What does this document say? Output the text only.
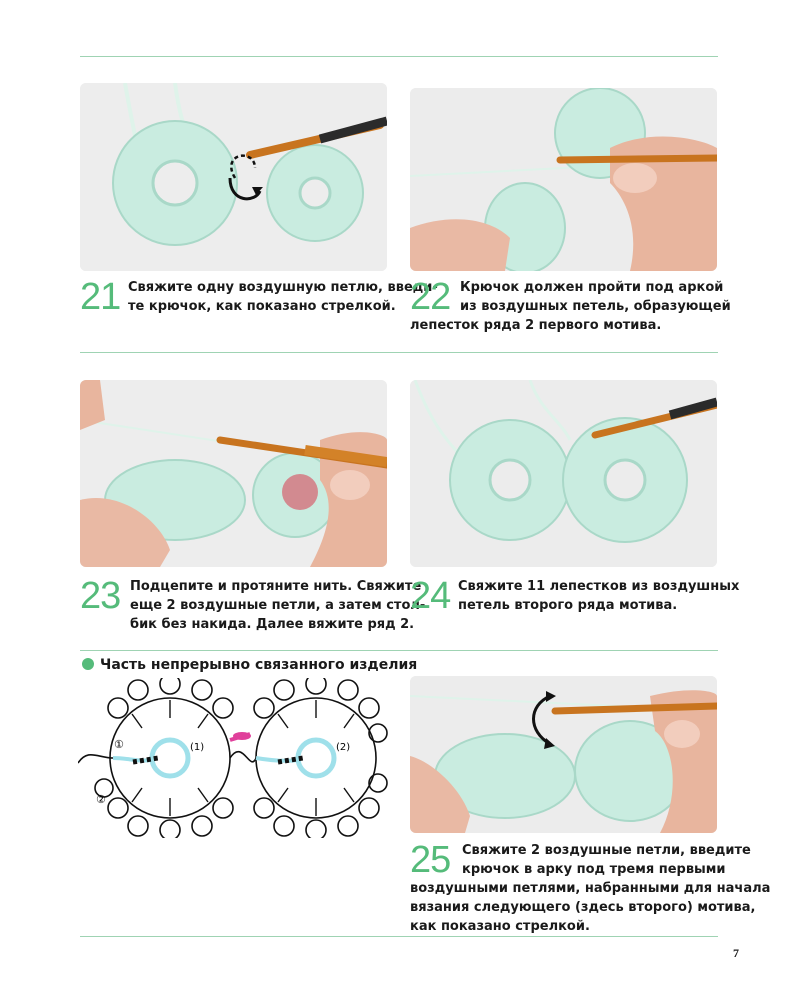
21 Свяжите одну воздушную петлю, введи-
те крючок, как показано стрелкой. 22 Крючок должен пройти под аркой
из воздушных петель, образующей
лепесток ряда 2 первого мотива.
23 Подцепите и протяните нить. Свяжите
еще 2 воздушные петли, а затем стол-
бик без накида. Далее вяжите ряд 2.
24 Свяжите 11 лепестков из воздушных
петель второго ряда мотива.
Часть непрерывно связанного изделия
①	(1)
②
(2)
25 Свяжите 2 воздушные петли, введите
крючок в арку под тремя первыми
воздушными петлями, набранными для начала
вязания следующего (здесь второго) мотива,
как показано стрелкой.
7
